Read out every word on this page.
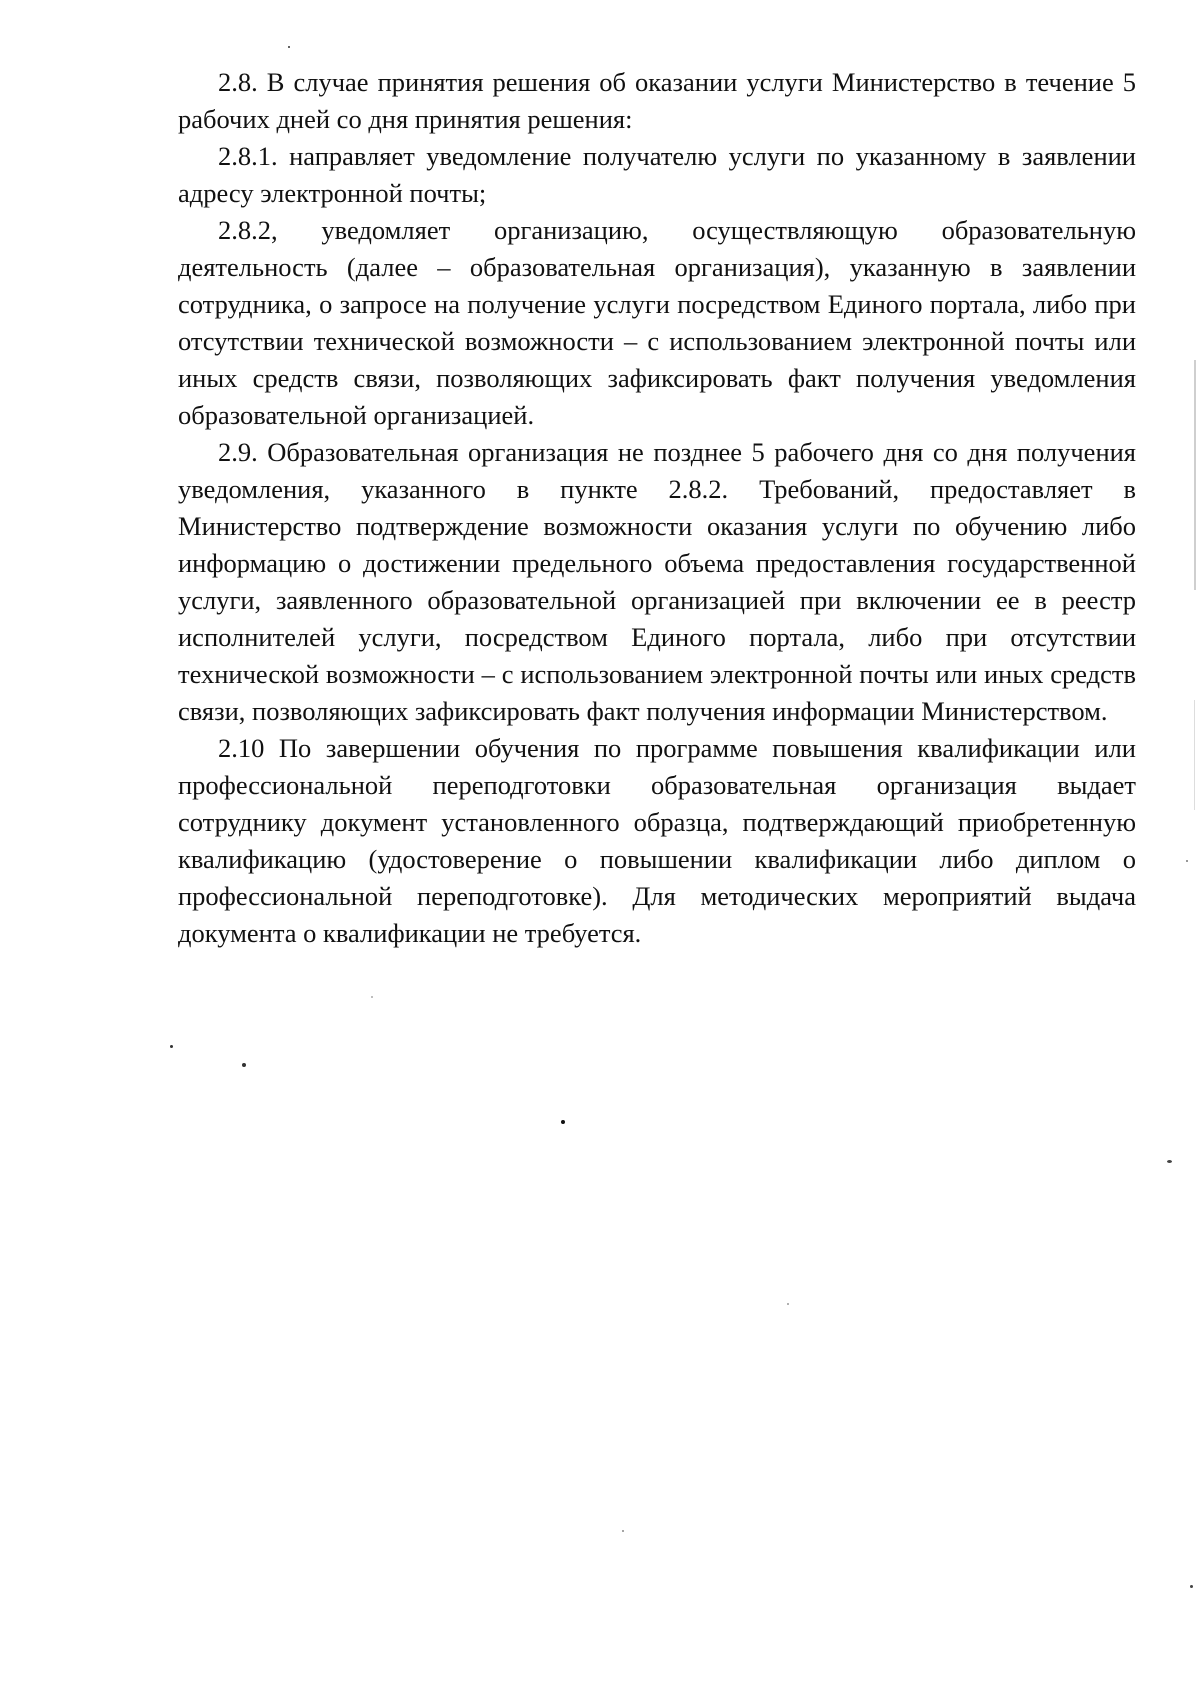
2.8. В случае принятия решения об оказании услуги Министерство в течение 5 рабочих дней со дня принятия решения:

2.8.1. направляет уведомление получателю услуги по указанному в заявлении адресу электронной почты;

2.8.2, уведомляет организацию, осуществляющую образовательную деятельность (далее – образовательная организация), указанную в заявлении сотрудника, о запросе на получение услуги посредством Единого портала, либо при отсутствии технической возможности – с использованием электронной почты или иных средств связи, позволяющих зафиксировать факт получения уведомления образовательной организацией.

2.9. Образовательная организация не позднее 5 рабочего дня со дня получения уведомления, указанного в пункте 2.8.2. Требований, предоставляет в Министерство подтверждение возможности оказания услуги по обучению либо информацию о достижении предельного объема предоставления государственной услуги, заявленного образовательной организацией при включении ее в реестр исполнителей услуги, посредством Единого портала, либо при отсутствии технической возможности – с использованием электронной почты или иных средств связи, позволяющих зафиксировать факт получения информации Министерством.

2.10 По завершении обучения по программе повышения квалификации или профессиональной переподготовки образовательная организация выдает сотруднику документ установленного образца, подтверждающий приобретенную квалификацию (удостоверение о повышении квалификации либо диплом о профессиональной переподготовке). Для методических мероприятий выдача документа о квалификации не требуется.
